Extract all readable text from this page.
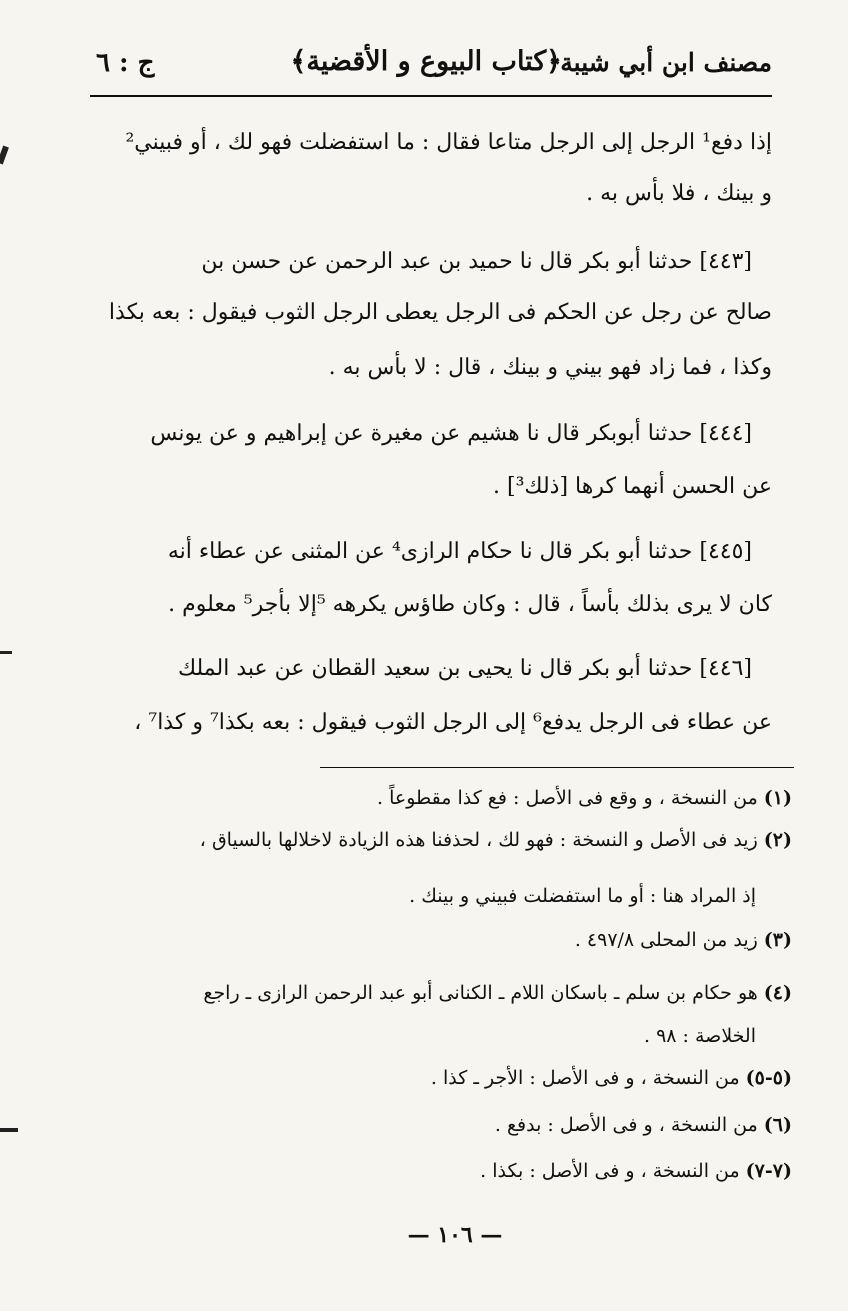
مصنف ابن أبي شيبة
﴿كتاب البيوع و الأقضية﴾
ج : ٦
إذا دفع¹ الرجل إلى الرجل متاعا فقال : ما استفضلت فهو لك ، أو فبيني²
و بينك ، فلا بأس به .
[٤٤٣] حدثنا أبو بكر قال نا حميد بن عبد الرحمن عن حسن بن
صالح عن رجل عن الحكم فى الرجل يعطى الرجل الثوب فيقول : بعه بكذا
وكذا ، فما زاد فهو بيني و بينك ، قال : لا بأس به .
[٤٤٤] حدثنا أبوبكر قال نا هشيم عن مغيرة عن إبراهيم و عن يونس
عن الحسن أنهما كرها [ذلك³] .
[٤٤٥] حدثنا أبو بكر قال نا حكام الرازى⁴ عن المثنى عن عطاء أنه
كان لا يرى بذلك بأساً ، قال : وكان طاؤس يكرهه ⁵إلا بأجر⁵ معلوم .
[٤٤٦] حدثنا أبو بكر قال نا يحيى بن سعيد القطان عن عبد الملك
عن عطاء فى الرجل يدفع⁶ إلى الرجل الثوب فيقول : بعه بكذا⁷ و كذا⁷ ،
(١)من النسخة ، و وقع فى الأصل : فع كذا مقطوعاً .
(٢)زيد فى الأصل و النسخة : فهو لك ، لحذفنا هذه الزيادة لاخلالها بالسياق ،
إذ المراد هنا : أو ما استفضلت فبيني و بينك .
(٣)زيد من المحلى ٤٩٧/٨ .
(٤)هو حكام بن سلم ـ باسكان اللام ـ الكنانى أبو عبد الرحمن الرازى ـ راجع
الخلاصة : ٩٨ .
(٥-٥)من النسخة ، و فى الأصل : الأجر ـ كذا .
(٦)من النسخة ، و فى الأصل : بدفع .
(٧-٧)من النسخة ، و فى الأصل : بكذا .
— ١٠٦ —
